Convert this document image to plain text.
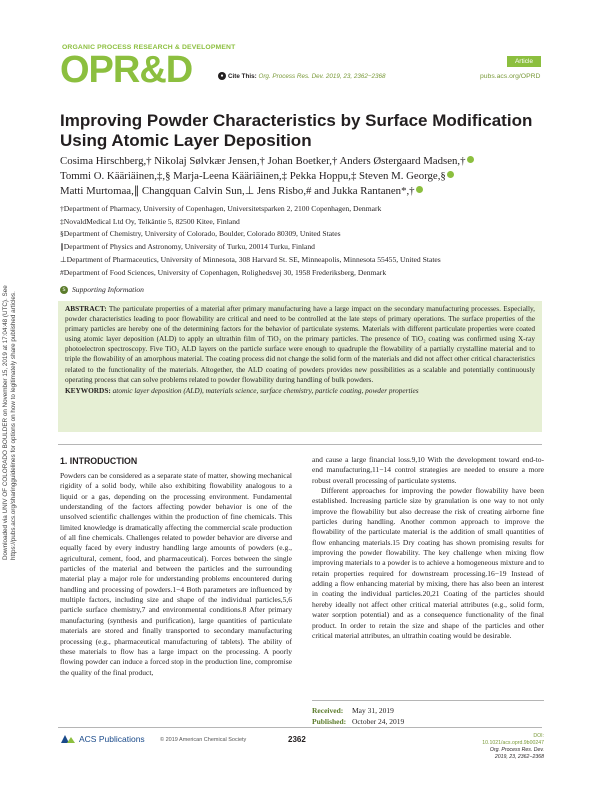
Downloaded via UNIV OF COLORADO BOULDER on November 15, 2019 at 17:04:48 (UTC). See https://pubs.acs.org/sharingguidelines for options on how to legitimately share published articles.
ORGANIC PROCESS RESEARCH & DEVELOPMENT
OPR&D	Article
● Cite This: Org. Process Res. Dev. 2019, 23, 2362−2368	pubs.acs.org/OPRD
Improving Powder Characteristics by Surface Modification Using Atomic Layer Deposition
Cosima Hirschberg,† Nikolaj Sølvkær Jensen,† Johan Boetker,† Anders Østergaard Madsen,†
Tommi O. Kääriäinen,‡,§ Marja-Leena Kääriäinen,‡ Pekka Hoppu,‡ Steven M. George,§
Matti Murtomaa,∥ Changquan Calvin Sun,⊥ Jens Risbo,# and Jukka Rantanen*,†
†Department of Pharmacy, University of Copenhagen, Universitetsparken 2, 2100 Copenhagen, Denmark
‡NovaldMedical Ltd Oy, Telkäntie 5, 82500 Kitee, Finland
§Department of Chemistry, University of Colorado, Boulder, Colorado 80309, United States
∥Department of Physics and Astronomy, University of Turku, 20014 Turku, Finland
⊥Department of Pharmaceutics, University of Minnesota, 308 Harvard St. SE, Minneapolis, Minnesota 55455, United States
#Department of Food Sciences, University of Copenhagen, Rolighedsvej 30, 1958 Frederiksberg, Denmark
s Supporting Information
ABSTRACT: The particulate properties of a material after primary manufacturing have a large impact on the secondary manufacturing processes. Especially, powder characteristics leading to poor flowability are critical and need to be controlled at the late steps of primary operations. The surface properties of the primary particles are hereby one of the determining factors for the behavior of particulate systems. Materials with different particulate properties were coated using atomic layer deposition (ALD) to apply an ultrathin film of TiO₂ on the primary particles. The presence of TiO₂ coating was confirmed using X-ray photoelectron spectroscopy. Five TiO₂ ALD layers on the particle surface were enough to quadruple the flowability of a partially crystalline material and to triple the flowability of an amorphous material. The coating process did not change the solid form of the materials and did not affect other critical characteristics related to the functionality of the materials. Altogether, the ALD coating of powders provides new possibilities as a scalable and potentially continuously operating process that can solve problems related to powder flowability during handling of bulk powders.
KEYWORDS: atomic layer deposition (ALD), materials science, surface chemistry, particle coating, powder properties
1. INTRODUCTION

Powders can be considered as a separate state of matter, showing mechanical rigidity of a solid body, while also exhibiting flowability analogous to a liquid or a gas, depending on the processing environment. Fundamental understanding of the factors affecting powder behavior is one of the unsolved scientific challenges within the production of fine chemicals. This limited knowledge is dramatically affecting the commercial scale production of all fine chemicals. Challenges related to powder behavior are diverse and equally faced by every industry handling large amounts of powders (e.g., agricultural, cement, food, and pharmaceutical). Forces between the single particles of the material and between the particles and the surrounding material play a major role for understanding problems encountered during handling and processing of powders.1−4 Both parameters are influenced by multiple factors, including size and shape of the individual particles,5,6 particle surface chemistry,7 and environmental conditions.8 After primary manufacturing (synthesis and purification), large quantities of particulate materials are stored and finally transported to secondary manufacturing processing (e.g., pharmaceutical manufacturing of tablets). The ability of these materials to flow has a large impact on the processing. A poorly flowing powder can induce a forced stop in the production line, compromise the quality of the final product,

and cause a large financial loss.9,10 With the development toward end-to-end manufacturing,11−14 control strategies are needed to ensure a more robust overall processing of particulate systems.

Different approaches for improving the powder flowability have been established. Increasing particle size by granulation is one way to not only improve the flowability but also decrease the risk of creating airborne fine particles during handling. Another common approach to improve the flowability of the particulate material is the addition of small quantities of flow enhancing materials.15 Dry coating has shown promising results for improving the powder flowability. The key challenge when mixing flow improving materials to a powder is to achieve a homogeneous mixture and to retain properties required for downstream processing.16−19 Instead of adding a flow enhancing material by mixing, there has also been an interest in coating the individual particles.20,21 Coating of the particles should hereby ideally not affect other critical material attributes (e.g., solid form, water sorption potential) and as a consequence functionality of the final product. In order to retain the size and shape of the particles and other critical material attributes, an ultrathin coating would be desirable.

Received: May 31, 2019
Published: October 24, 2019
ACS Publications	© 2019 American Chemical Society	2362	DOI: 10.1021/acs.oprd.9b00247
Org. Process Res. Dev. 2019, 23, 2362−2368
